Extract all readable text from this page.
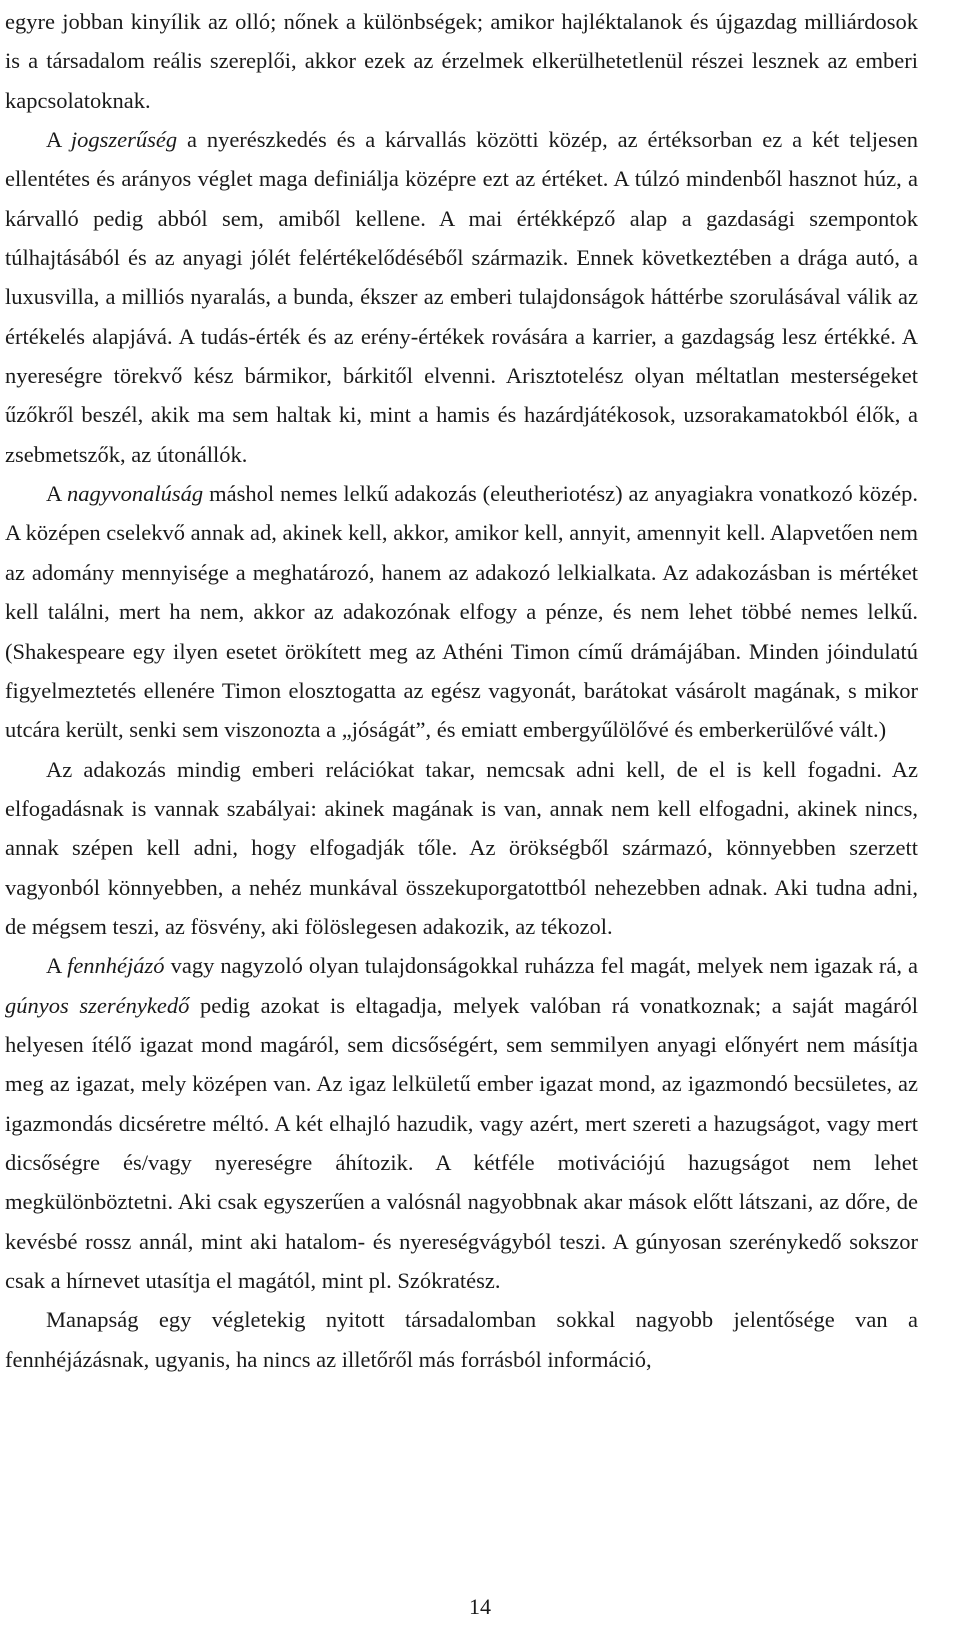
egyre jobban kinyílik az olló; nőnek a különbségek; amikor hajléktalanok és újgazdag milliárdosok is a társadalom reális szereplői, akkor ezek az érzelmek elkerülhetetlenül részei lesznek az emberi kapcsolatoknak.

A jogszerűség a nyerészkedés és a kárvallás közötti közép, az értéksorban ez a két teljesen ellentétes és arányos véglet maga definiálja középre ezt az értéket. A túlzó mindenből hasznot húz, a kárvalló pedig abból sem, amiből kellene. A mai értékképző alap a gazdasági szempontok túlhajtásából és az anyagi jólét felértékelődéséből származik. Ennek következtében a drága autó, a luxusvilla, a milliós nyaralás, a bunda, ékszer az emberi tulajdonságok háttérbe szorulásával válik az értékelés alapjává. A tudás-érték és az erény-értékek rovására a karrier, a gazdagság lesz értékké. A nyereségre törekvő kész bármikor, bárkitől elvenni. Arisztotelész olyan méltatlan mesterségeket űzőkről beszél, akik ma sem haltak ki, mint a hamis és hazárdjátékosok, uzsorakamatokból élők, a zsebmetszők, az útonállók.

A nagyvonalúság máshol nemes lelkű adakozás (eleutheriotész) az anyagiakra vonatkozó közép. A középen cselekvő annak ad, akinek kell, akkor, amikor kell, annyit, amennyit kell. Alapvetően nem az adomány mennyisége a meghatározó, hanem az adakozó lelkialkata. Az adakozásban is mértéket kell találni, mert ha nem, akkor az adakozónak elfogy a pénze, és nem lehet többé nemes lelkű. (Shakespeare egy ilyen esetet örökített meg az Athéni Timon című drámájában. Minden jóindulatú figyelmeztetés ellenére Timon elosztogatta az egész vagyonát, barátokat vásárolt magának, s mikor utcára került, senki sem viszonozta a „jóságát”, és emiatt embergyűlölővé és emberkerülővé vált.)

Az adakozás mindig emberi relációkat takar, nemcsak adni kell, de el is kell fogadni. Az elfogadásnak is vannak szabályai: akinek magának is van, annak nem kell elfogadni, akinek nincs, annak szépen kell adni, hogy elfogadják tőle. Az örökségből származó, könnyebben szerzett vagyonból könnyebben, a nehéz munkával összekuporgatottból nehezebben adnak. Aki tudna adni, de mégsem teszi, az fösvény, aki fölöslegesen adakozik, az tékozol.

A fennhéjázó vagy nagyzoló olyan tulajdonságokkal ruházza fel magát, melyek nem igazak rá, a gúnyos szerénykedő pedig azokat is eltagadja, melyek valóban rá vonatkoznak; a saját magáról helyesen ítélő igazat mond magáról, sem dicsőségért, sem semmilyen anyagi előnyért nem másítja meg az igazat, mely középen van. Az igaz lelkületű ember igazat mond, az igazmondó becsületes, az igazmondás dicséretre méltó. A két elhajló hazudik, vagy azért, mert szereti a hazugságot, vagy mert dicsőségre és/vagy nyereségre áhítozik. A kétféle motivációjú hazugságot nem lehet megkülönböztetni. Aki csak egyszerűen a valósnál nagyobbnak akar mások előtt látszani, az dőre, de kevésbé rossz annál, mint aki hatalom- és nyereségvágyból teszi. A gúnyosan szerénykedő sokszor csak a hírnevet utasítja el magától, mint pl. Szókratész.

Manapság egy végletekig nyitott társadalomban sokkal nagyobb jelentősége van a fennhéjázásnak, ugyanis, ha nincs az illetőről más forrásból információ,

14
